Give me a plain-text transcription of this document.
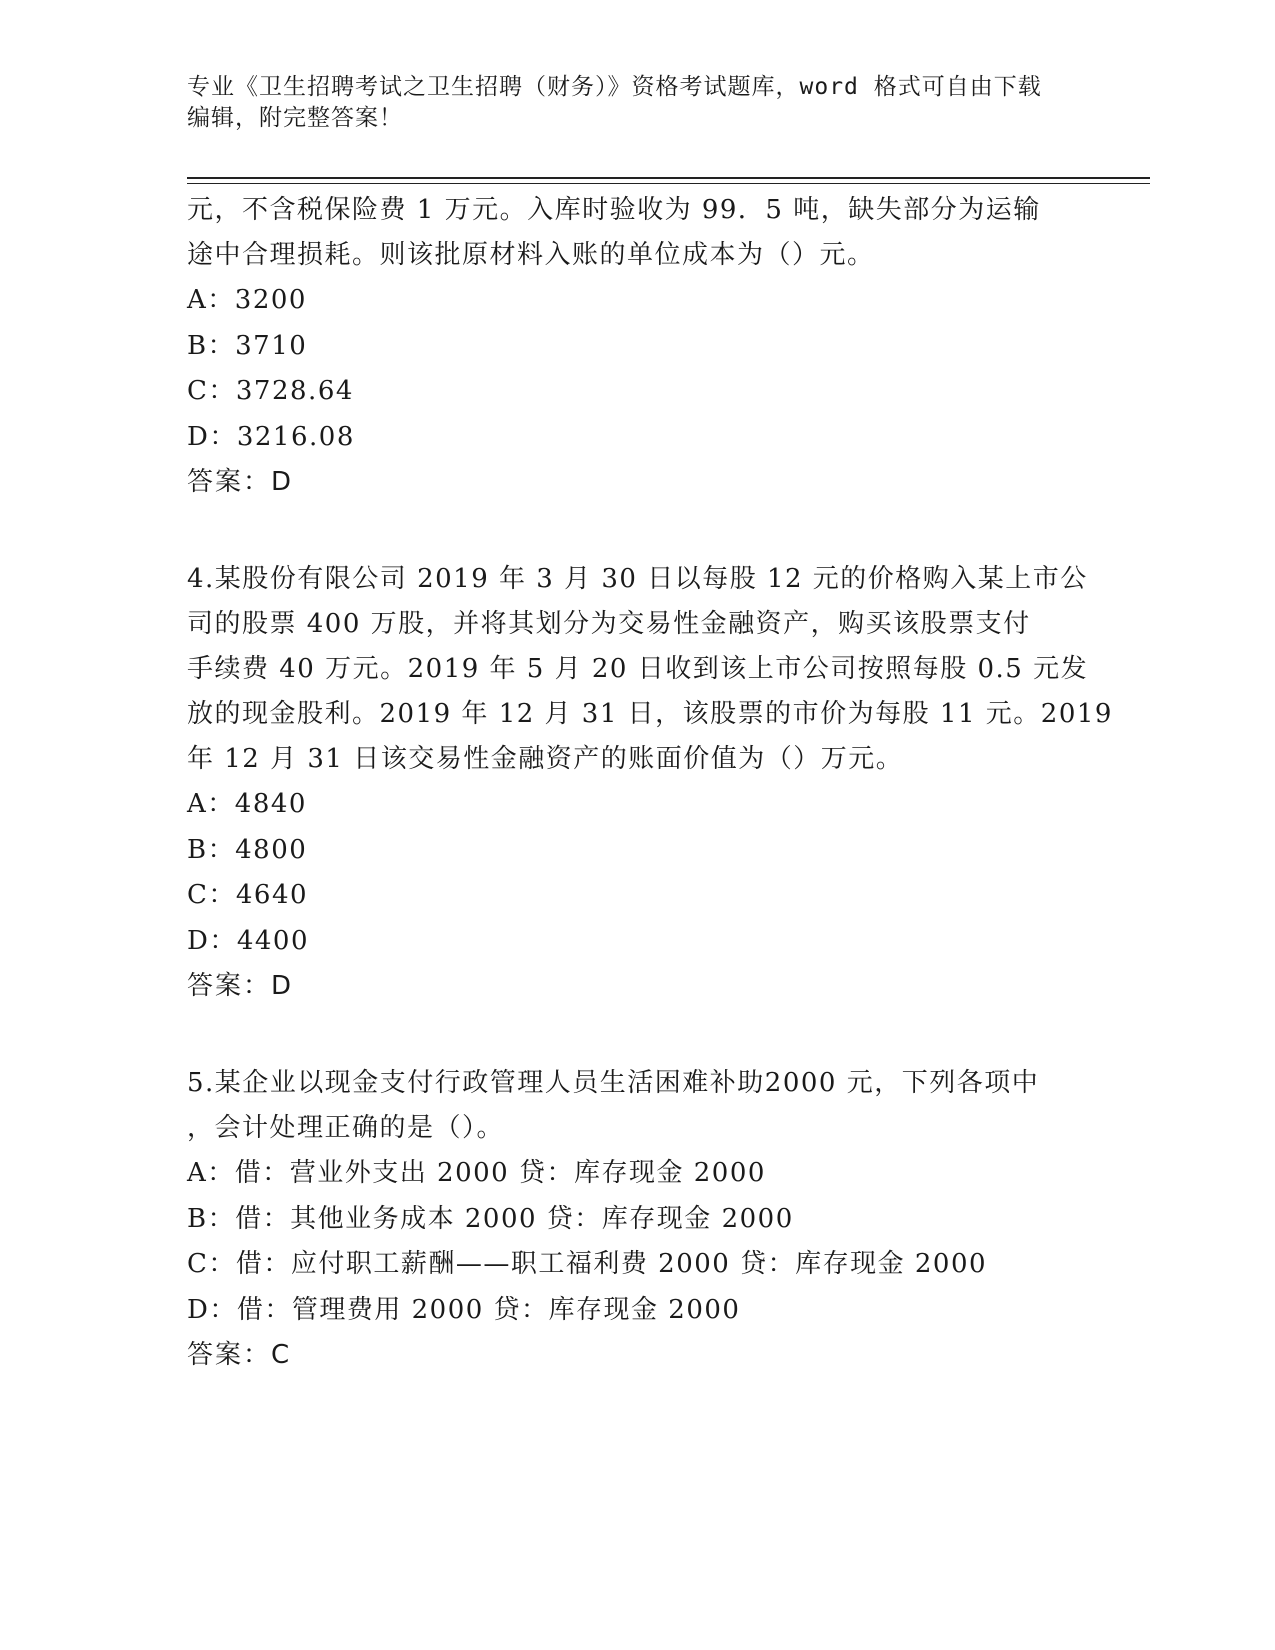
专业《卫生招聘考试之卫生招聘（财务）》资格考试题库，word 格式可自由下载
编辑，附完整答案！
元，不含税保险费 1 万元。入库时验收为 99．5 吨，缺失部分为运输
途中合理损耗。则该批原材料入账的单位成本为（）元。
A：3200
B：3710
C：3728.64
D：3216.08
答案：D
4.某股份有限公司 2019 年 3 月 30 日以每股 12 元的价格购入某上市公
司的股票 400 万股，并将其划分为交易性金融资产，购买该股票支付
手续费 40 万元。2019 年 5 月 20 日收到该上市公司按照每股 0.5 元发
放的现金股利。2019 年 12 月 31 日，该股票的市价为每股 11 元。2019
年 12 月 31 日该交易性金融资产的账面价值为（）万元。
A：4840
B：4800
C：4640
D：4400
答案：D
5.某企业以现金支付行政管理人员生活困难补助2000 元，下列各项中
，会计处理正确的是（）。
A：借：营业外支出 2000 贷：库存现金 2000
B：借：其他业务成本 2000 贷：库存现金 2000
C：借：应付职工薪酬——职工福利费 2000 贷：库存现金 2000
D：借：管理费用 2000 贷：库存现金 2000
答案：C
